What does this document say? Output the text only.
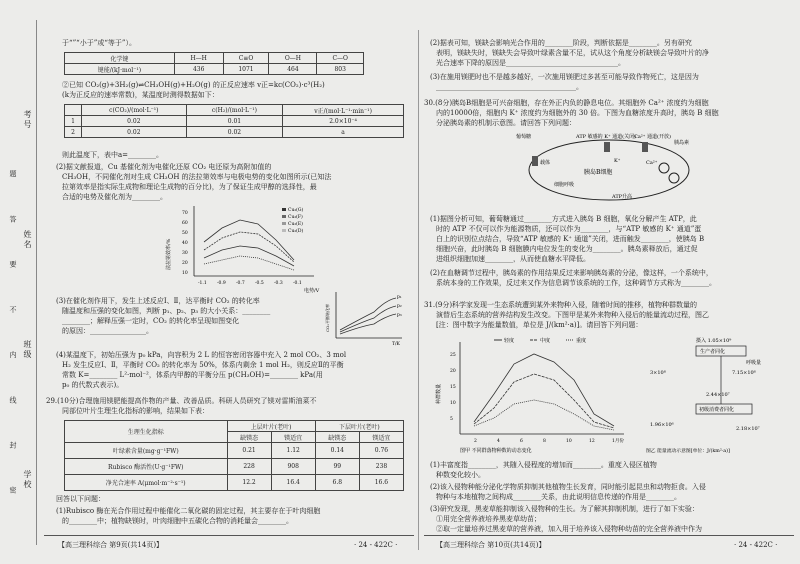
考号
题 答 要 不 内 线 封 密 姓名
班级
学校
于“”“小于”或“等于”）。
化学键	H—H	C≡O	O—H	C—O
键能/(kJ·mol⁻¹)	436	1071	464	803
②已知 CO₂(g)+3H₂(g)⇌CH₃OH(g)+H₂O(g) 的正反应速率 v正=kc(CO₂)·c³(H₂)
(k为正反应的速率常数)，某温度时测得数据如下：
	c(CO₂)/(mol·L⁻¹)	c(H₂)/(mol·L⁻¹)	v正/(mol·L⁻¹·min⁻¹)
1	0.02	0.01	2.0×10⁻⁴
2	0.02	0.02	a
则此温度下，表中a=________。
(2)据文献报道，Cu 基催化剂为电催化还原 CO₂ 电还原为高附加值的
CH₃OH，不同催化剂对生成 CH₃OH 的法拉第效率与电极电势的变化如图所示(已知法
拉第效率是指实际生成物和理论生成物的百分比)，为了保证生成甲醇的选择性，最
合适的电势及催化剂为________。
法拉第效率/%
电势/V
10
20
30
40
50
60
70
-1.1 -0.9 -0.7 -0.5 -0.3 -0.1
Cu₂(G)
Cu₂(F)
Cu₂(E)
Cu₂(D)
(3)在催化剂作用下，发生上述反应Ⅰ、Ⅱ，达平衡时 CO₂ 的转化率
随温度和压强的变化如图，判断 p₁、p₂、p₃ 的大小关系：________
________；解释压强一定时，CO₂ 的转化率呈现如图变化
的原因：________________。	CO₂平衡转化率
T/K
p₁
p₂
p₃
(4)某温度下，初始压强为 p₀ kPa，向容积为 2 L 的恒容密闭容器中充入 2 mol CO₂、3 mol
H₂ 发生反应Ⅰ、Ⅱ，平衡时 CO₂ 的转化率为 50%，体系内剩余 1 mol H₂，则反应Ⅱ的平衡
常数 K=________ L²·mol⁻²，体系内甲醇的平衡分压 p(CH₃OH)=________ kPa(用
p₀ 的代数式表示)。
29.(10分)合理施用镁肥能提高作物的产量、改善品质。科研人员研究了镁对雷斯油菜不
同部位叶片生理生化指标的影响，结果如下表：
生理生化指标	上层叶片(老叶)		下层叶片(老叶)	
	缺镁态	镁适宜	缺镁态	镁适宜
叶绿素含量(mg·g⁻¹FW)	0.21	1.12	0.14	0.76
Rubisco 酶活性(U·g⁻¹FW)	228	908	99	238
净光合速率 A(μmol·m⁻²·s⁻¹)	12.2	16.4	6.8	16.6
回答以下问题：
(1)Rubisco 酶在光合作用过程中能催化二氧化碳的固定过程，其主要存在于叶肉细胞
的________中；植物缺镁时，叶肉细胞中五碳化合物的消耗量会________。
【高三理科综合 第9页(共14页)】	· 24 - 422C ·
(2)据表可知，镁缺会影响光合作用的________阶段，判断依据是________。另有研究
表明，镁缺失时，镁缺失会导致叶绿素含量不足，试从这个角度分析缺镁会导致叶片的净
光合速率下降的原因是________________________________。
(3)在施用镁肥时也不是越多越好，一次施用镁肥过多甚至可能导致作物死亡，这是因为
________________________________________。
30.(8分)胰岛B细胞是可兴奋细胞，存在外正内负的静息电位。其细胞外 Ca²⁺ 浓度约为细胞
内的10000倍，细胞内 K⁺ 浓度约为细胞外的 30 倍。下图为血糖浓度升高时，胰岛 B 细胞
分泌胰岛素的机制示意图。请回答下列问题：
胰岛B细胞
葡萄糖
载体
细胞呼吸
ATP 敏感的 K⁺ 通道(关闭)
Ca²⁺ 通道(开放)
胰岛素
ATP升高
Ca²⁺
K⁺
(1)据图分析可知，葡萄糖通过________方式进入胰岛 B 细胞，氧化分解产生 ATP，此
时的 ATP 不仅可以作为能源物质，还可以作为________，与“ATP 敏感的 K⁺ 通道”蛋
白上的识别位点结合，导致“ATP 敏感的 K⁺ 通道”关闭，进而触发________，使胰岛 B
细胞兴奋，此时胰岛 B 细胞膜内电位发生的变化为________。胰岛素释放后，通过促
进组织细胞加速________，从而使血糖水平降低。
(2)在血糖调节过程中，胰岛素的作用结果反过来影响胰岛素的分泌，像这样，一个系统中，
系统本身的工作效果，反过来又作为信息调节该系统的工作，这种调节方式称为________。
31.(9分)科学家发现一生态系统遭到某外来物种入侵，随着时间的推移，植物种群数量的
演替后生态系统的营养结构发生改变。下图甲是某外来物种入侵后的能量流动过程，图乙
[注：图中数字为能量数值，单位是 J/(km²·a)]。请回答下列问题：
种群数量
5
10
15
20
25
2	4	6	8	10	12	1月份
轻度	中度	重度
图甲 不同群落物种数的动态变化
摄入 1.05×10⁹
生产者同化
3×10⁸	7.15×10⁸
初级消费者同化
2.44×10⁷
1.96×10⁶
2.18×10⁷
呼吸量
图乙 能量流动示意图[单位：J/(km²·a)]
(1)丰富度指________，其随入侵程度的增加而________。重度入侵区植物
种数变化较小。
(2)该入侵物种能分泌化学物质抑制其他植物生长发育，同时能引起昆虫和动物拒食。入侵
物种与本地植物之间构成________关系，由此说明信息传递的作用是________。
(3)研究发现，黑麦草能抑制该入侵物种的生长。为了解其抑制机制，进行了如下实验：
①用完全营养液培养黑麦草幼苗；
②取一定量培养过黑麦草的营养液，加入用于培养该入侵物种幼苗的完全营养液中作为
【高三理科综合 第10页(共14页)】	· 24 - 422C ·
